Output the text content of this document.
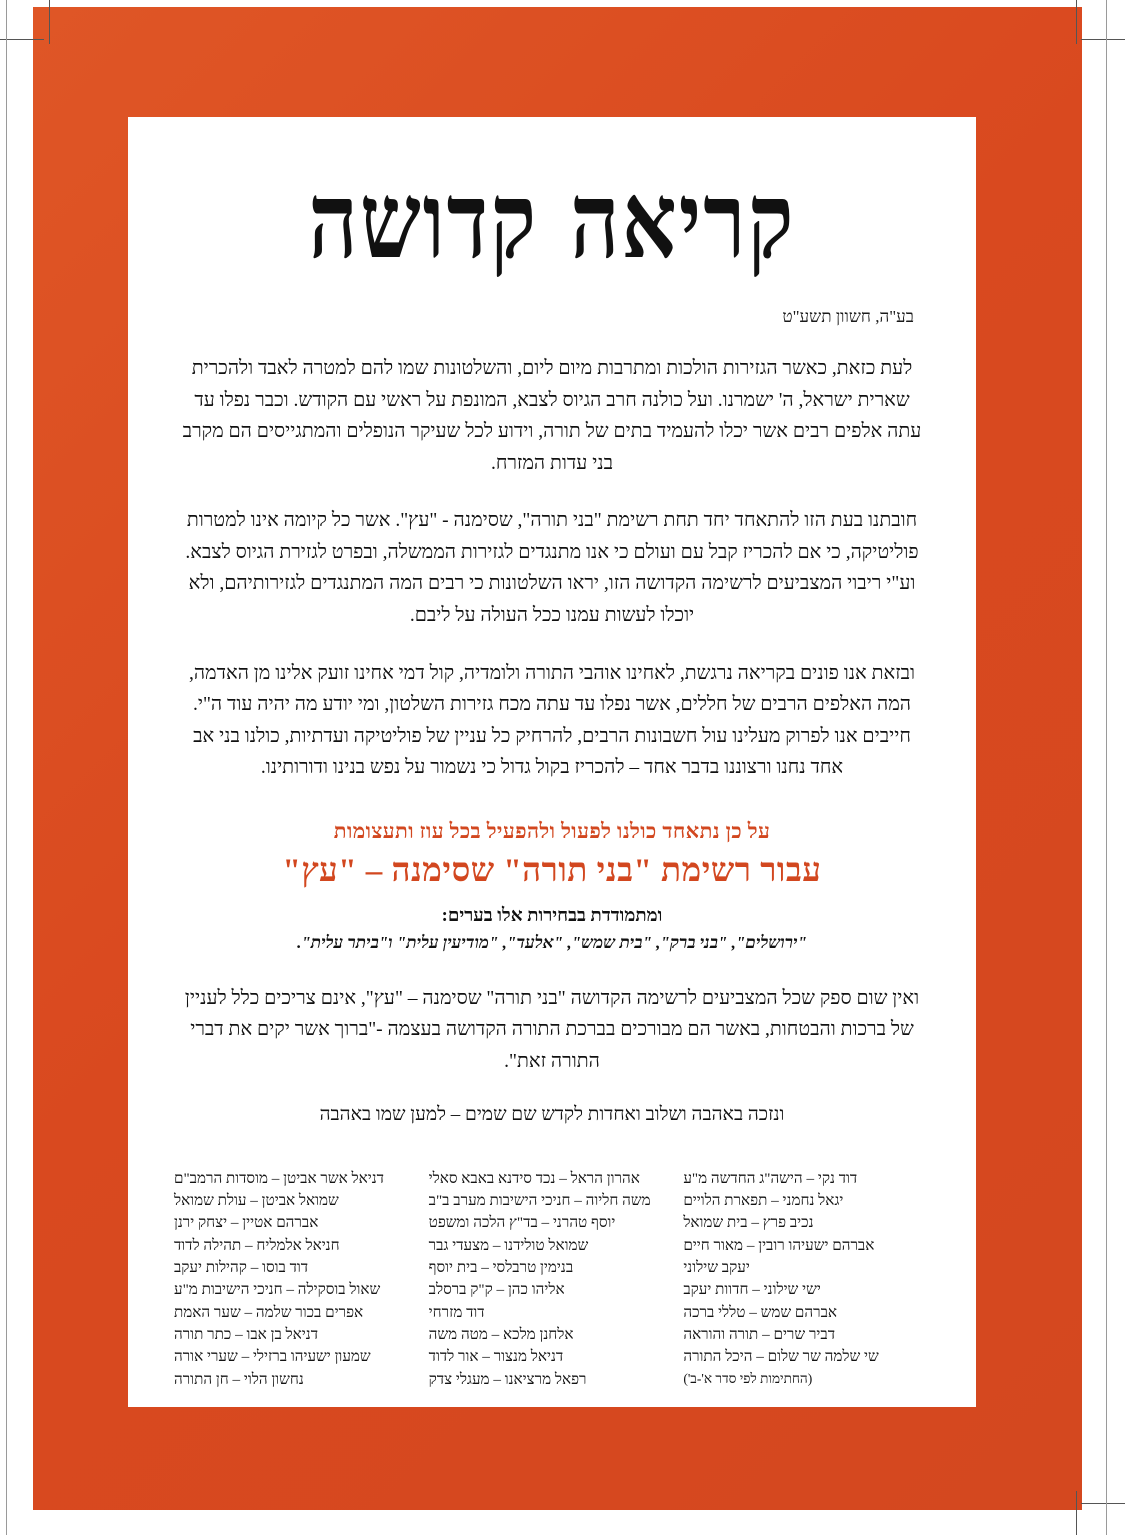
קריאה קדושה
בע"ה, חשוון תשע"ט

לעת כזאת, כאשר הגזירות הולכות ומתרבות מיום ליום, והשלטונות שמו להם למטרה לאבד ולהכרית שארית ישראל, ה' ישמרנו. ועל כולנה חרב הגיוס לצבא, המונפת על ראשי עם הקודש. וכבר נפלו עד עתה אלפים רבים אשר יכלו להעמיד בתים של תורה, וידוע לכל שעיקר הנופלים והמתגייסים הם מקרב בני עדות המזרח.

חובתנו בעת הזו להתאחד יחד תחת רשימת "בני תורה", שסימנה - "עץ". אשר כל קיומה אינו למטרות פוליטיקה, כי אם להכריז קבל עם ועולם כי אנו מתנגדים לגזירות הממשלה, ובפרט לגזירת הגיוס לצבא. וע"י ריבוי המצביעים לרשימה הקדושה הזו, יראו השלטונות כי רבים המה המתנגדים לגזירותיהם, ולא יוכלו לעשות עמנו ככל העולה על ליבם.

ובזאת אנו פונים בקריאה נרגשת, לאחינו אוהבי התורה ולומדיה, קול דמי אחינו זועק אלינו מן האדמה, המה האלפים הרבים של חללים, אשר נפלו עד עתה מכח גזירות השלטון, ומי יודע מה יהיה עוד ה"י. חייבים אנו לפרוק מעלינו עול חשבונות הרבים, להרחיק כל עניין של פוליטיקה ועדתיות, כולנו בני אב אחד נחנו ורצוננו בדבר אחד – להכריז בקול גדול כי נשמור על נפש בנינו ודורותינו.

על כן נתאחד כולנו לפעול ולהפעיל בכל עוז ותעצומות
עבור רשימת "בני תורה" שסימנה – "עץ"
ומתמודדת בבחירות אלו בערים:
"ירושלים", "בני ברק", "בית שמש", "אלעד", "מודיעין עלית" ו"ביתר עלית".

ואין שום ספק שכל המצביעים לרשימה הקדושה "בני תורה" שסימנה – "עץ", אינם צריכים כלל לעניין של ברכות והבטחות, באשר הם מבורכים בברכת התורה הקדושה בעצמה -"ברוך אשר יקים את דברי התורה זאת".

ונזכה באהבה ושלוב ואחדות לקדש שם שמים – למען שמו באהבה
דוד נקי – הישה"ג החדשה מ"ע
יגאל נחמני – תפארת הלויים
נכיב פרץ – בית שמואל
אברהם ישעיהו רובין – מאור חיים
יעקב שילוני
ישי שילוני – חדוות יעקב
אברהם שמש – טללי ברכה
דביר שרים – תורה והוראה
שי שלמה שר שלום – היכל התורה
(החתימות לפי סדר א'-ב')
אהרון הראל – נכד סידנא באבא סאלי
משה חליוה – חניכי הישיבות מערב ב"ב
יוסף טהרני – בד"ץ הלכה ומשפט
שמואל טולידנו – מצעדי גבר
בנימין טרבלסי – בית יוסף
אליהו כהן – ק"ק ברסלב
דוד מזרחי
אלחנן מלכא – מטה משה
דניאל מנצור – אור לדוד
רפאל מרציאנו – מעגלי צדק
דניאל אשר אביטן – מוסדות הרמב"ם
שמואל אביטן – עולת שמואל
אברהם אטיין – יצחק ירנן
חניאל אלמליח – תהילה לדוד
דוד בוסו – קהילות יעקב
שאול בוסקילה – חניכי הישיבות מ"ע
אפרים בכור שלמה – שער האמת
דניאל בן אבו – כתר תורה
שמעון ישעיהו ברזילי – שערי אורה
נחשון הלוי – חן התורה
